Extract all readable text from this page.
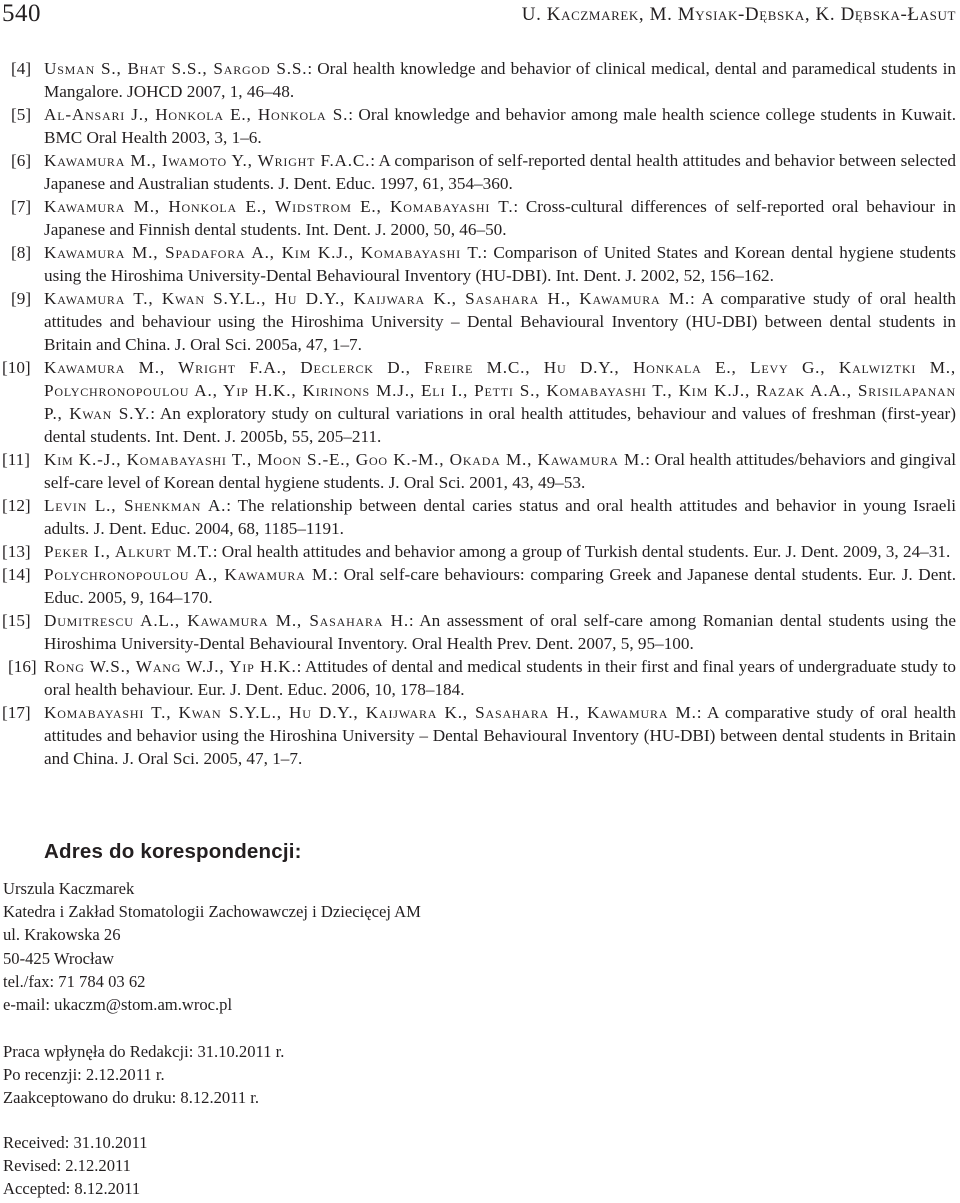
540	U. Kaczmarek, M. Mysiak-Dębska, K. Dębska-Łasut
[4] Usman S., Bhat S.S., Sargod S.S.: Oral health knowledge and behavior of clinical medical, dental and paramedical students in Mangalore. JOHCD 2007, 1, 46–48.
[5] Al-Ansari J., Honkola E., Honkola S.: Oral knowledge and behavior among male health science college students in Kuwait. BMC Oral Health 2003, 3, 1–6.
[6] Kawamura M., Iwamoto Y., Wright F.A.C.: A comparison of self-reported dental health attitudes and behavior between selected Japanese and Australian students. J. Dent. Educ. 1997, 61, 354–360.
[7] Kawamura M., Honkola E., Widstrom E., Komabayashi T.: Cross-cultural differences of self-reported oral behaviour in Japanese and Finnish dental students. Int. Dent. J. 2000, 50, 46–50.
[8] Kawamura M., Spadafora A., Kim K.J., Komabayashi T.: Comparison of United States and Korean dental hygiene students using the Hiroshima University-Dental Behavioural Inventory (HU-DBI). Int. Dent. J. 2002, 52, 156–162.
[9] Kawamura T., Kwan S.Y.L., Hu D.Y., Kaijwara K., Sasahara H., Kawamura M.: A comparative study of oral health attitudes and behaviour using the Hiroshima University – Dental Behavioural Inventory (HU-DBI) between dental students in Britain and China. J. Oral Sci. 2005a, 47, 1–7.
[10] Kawamura M., Wright F.A., Declerck D., Freire M.C., Hu D.Y., Honkala E., Levy G., Kalwiztki M., Polychronopoulou A., Yip H.K., Kirinons M.J., Eli I., Petti S., Komabayashi T., Kim K.J., Razak A.A., Srisilapanan P., Kwan S.Y.: An exploratory study on cultural variations in oral health attitudes, behaviour and values of freshman (first-year) dental students. Int. Dent. J. 2005b, 55, 205–211.
[11] Kim K.-J., Komabayashi T., Moon S.-E., Goo K.-M., Okada M., Kawamura M.: Oral health attitudes/behaviors and gingival self-care level of Korean dental hygiene students. J. Oral Sci. 2001, 43, 49–53.
[12] Levin L., Shenkman A.: The relationship between dental caries status and oral health attitudes and behavior in young Israeli adults. J. Dent. Educ. 2004, 68, 1185–1191.
[13] Peker I., Alkurt M.T.: Oral health attitudes and behavior among a group of Turkish dental students. Eur. J. Dent. 2009, 3, 24–31.
[14] Polychronopoulou A., Kawamura M.: Oral self-care behaviours: comparing Greek and Japanese dental students. Eur. J. Dent. Educ. 2005, 9, 164–170.
[15] Dumitrescu A.L., Kawamura M., Sasahara H.: An assessment of oral self-care among Romanian dental students using the Hiroshima University-Dental Behavioural Inventory. Oral Health Prev. Dent. 2007, 5, 95–100.
[16] Rong W.S., Wang W.J., Yip H.K.: Attitudes of dental and medical students in their first and final years of undergraduate study to oral health behaviour. Eur. J. Dent. Educ. 2006, 10, 178–184.
[17] Komabayashi T., Kwan S.Y.L., Hu D.Y., Kaijwara K., Sasahara H., Kawamura M.: A comparative study of oral health attitudes and behavior using the Hiroshina University – Dental Behavioural Inventory (HU-DBI) between dental students in Britain and China. J. Oral Sci. 2005, 47, 1–7.
Adres do korespondencji:
Urszula Kaczmarek
Katedra i Zakład Stomatologii Zachowawczej i Dziecięcej AM
ul. Krakowska 26
50-425 Wrocław
tel./fax: 71 784 03 62
e-mail: ukaczm@stom.am.wroc.pl
Praca wpłynęła do Redakcji: 31.10.2011 r.
Po recenzji: 2.12.2011 r.
Zaakceptowano do druku: 8.12.2011 r.
Received: 31.10.2011
Revised: 2.12.2011
Accepted: 8.12.2011
